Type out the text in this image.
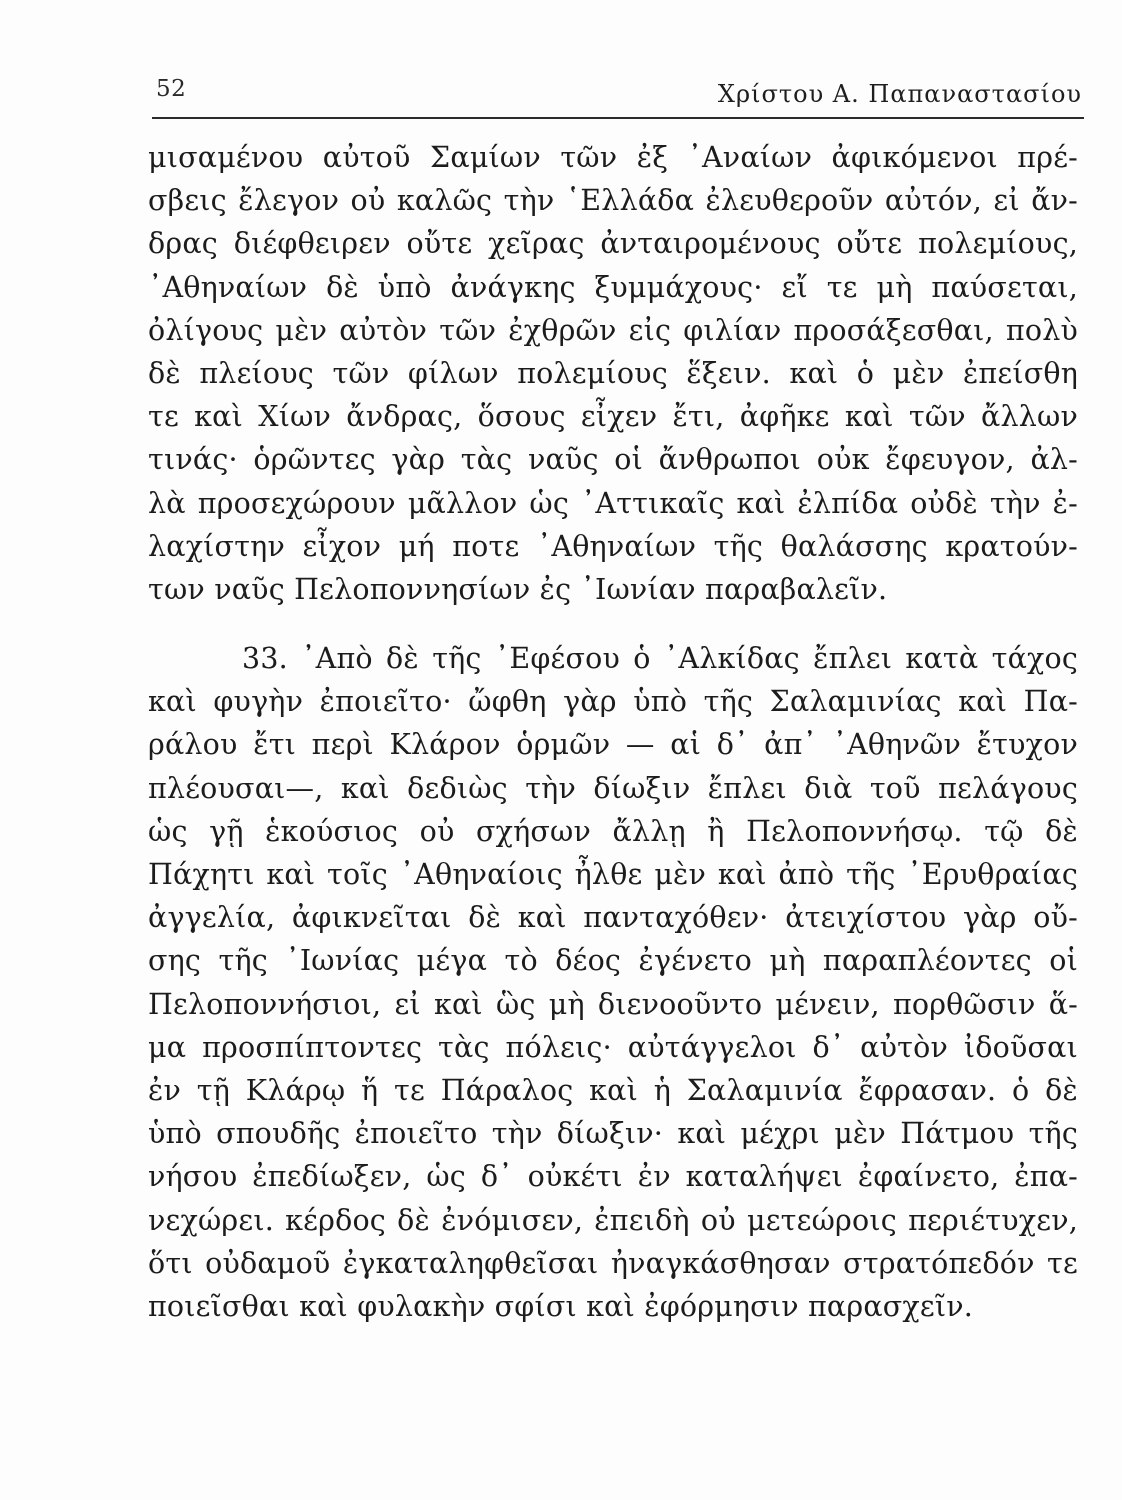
52	Χρίστου Α. Παπαναστασίου
μισαμένου αὐτοῦ Σαμίων τῶν ἐξ ᾿Αναίων ἀφικόμενοι πρέ-
σβεις ἔλεγον οὐ καλῶς τὴν ῾Ελλάδα ἐλευθεροῦν αὐτόν, εἰ ἄν-
δρας διέφθειρεν οὔτε χεῖρας ἀνταιρομένους οὔτε πολεμίους,
᾿Αθηναίων δὲ ὑπὸ ἀνάγκης ξυμμάχους· εἴ τε μὴ παύσεται,
ὀλίγους μὲν αὐτὸν τῶν ἐχθρῶν εἰς φιλίαν προσάξεσθαι, πολὺ
δὲ πλείους τῶν φίλων πολεμίους ἕξειν. καὶ ὁ μὲν ἐπείσθη
τε καὶ Χίων ἄνδρας, ὅσους εἶχεν ἔτι, ἀφῆκε καὶ τῶν ἄλλων
τινάς· ὁρῶντες γὰρ τὰς ναῦς οἱ ἄνθρωποι οὐκ ἔφευγον, ἀλ-
λὰ προσεχώρουν μᾶλλον ὡς ᾿Αττικαῖς καὶ ἐλπίδα οὐδὲ τὴν ἐ-
λαχίστην εἶχον μή ποτε ᾿Αθηναίων τῆς θαλάσσης κρατούν-
των ναῦς Πελοποννησίων ἐς ᾿Ιωνίαν παραβαλεῖν.
33. ᾿Απὸ δὲ τῆς ᾿Εφέσου ὁ ᾿Αλκίδας ἔπλει κατὰ τάχος
καὶ φυγὴν ἐποιεῖτο· ὤφθη γὰρ ὑπὸ τῆς Σαλαμινίας καὶ Πα-
ράλου ἔτι περὶ Κλάρον ὁρμῶν — αἱ δ᾿ ἀπ᾿ ᾿Αθηνῶν ἔτυχον
πλέουσαι—, καὶ δεδιὼς τὴν δίωξιν ἔπλει διὰ τοῦ πελάγους
ὡς γῇ ἑκούσιος οὐ σχήσων ἄλλῃ ἢ Πελοποννήσῳ. τῷ δὲ
Πάχητι καὶ τοῖς ᾿Αθηναίοις ἦλθε μὲν καὶ ἀπὸ τῆς ᾿Ερυθραίας
ἀγγελία, ἀφικνεῖται δὲ καὶ πανταχόθεν· ἀτειχίστου γὰρ οὔ-
σης τῆς ᾿Ιωνίας μέγα τὸ δέος ἐγένετο μὴ παραπλέοντες οἱ
Πελοποννήσιοι, εἰ καὶ ὣς μὴ διενοοῦντο μένειν, πορθῶσιν ἅ-
μα προσπίπτοντες τὰς πόλεις· αὐτάγγελοι δ᾿ αὐτὸν ἰδοῦσαι
ἐν τῇ Κλάρῳ ἥ τε Πάραλος καὶ ἡ Σαλαμινία ἔφρασαν. ὁ δὲ
ὑπὸ σπουδῆς ἐποιεῖτο τὴν δίωξιν· καὶ μέχρι μὲν Πάτμου τῆς
νήσου ἐπεδίωξεν, ὡς δ᾿ οὐκέτι ἐν καταλήψει ἐφαίνετο, ἐπα-
νεχώρει. κέρδος δὲ ἐνόμισεν, ἐπειδὴ οὐ μετεώροις περιέτυχεν,
ὅτι οὐδαμοῦ ἐγκαταληφθεῖσαι ἠναγκάσθησαν στρατόπεδόν τε
ποιεῖσθαι καὶ φυλακὴν σφίσι καὶ ἐφόρμησιν παρασχεῖν.
